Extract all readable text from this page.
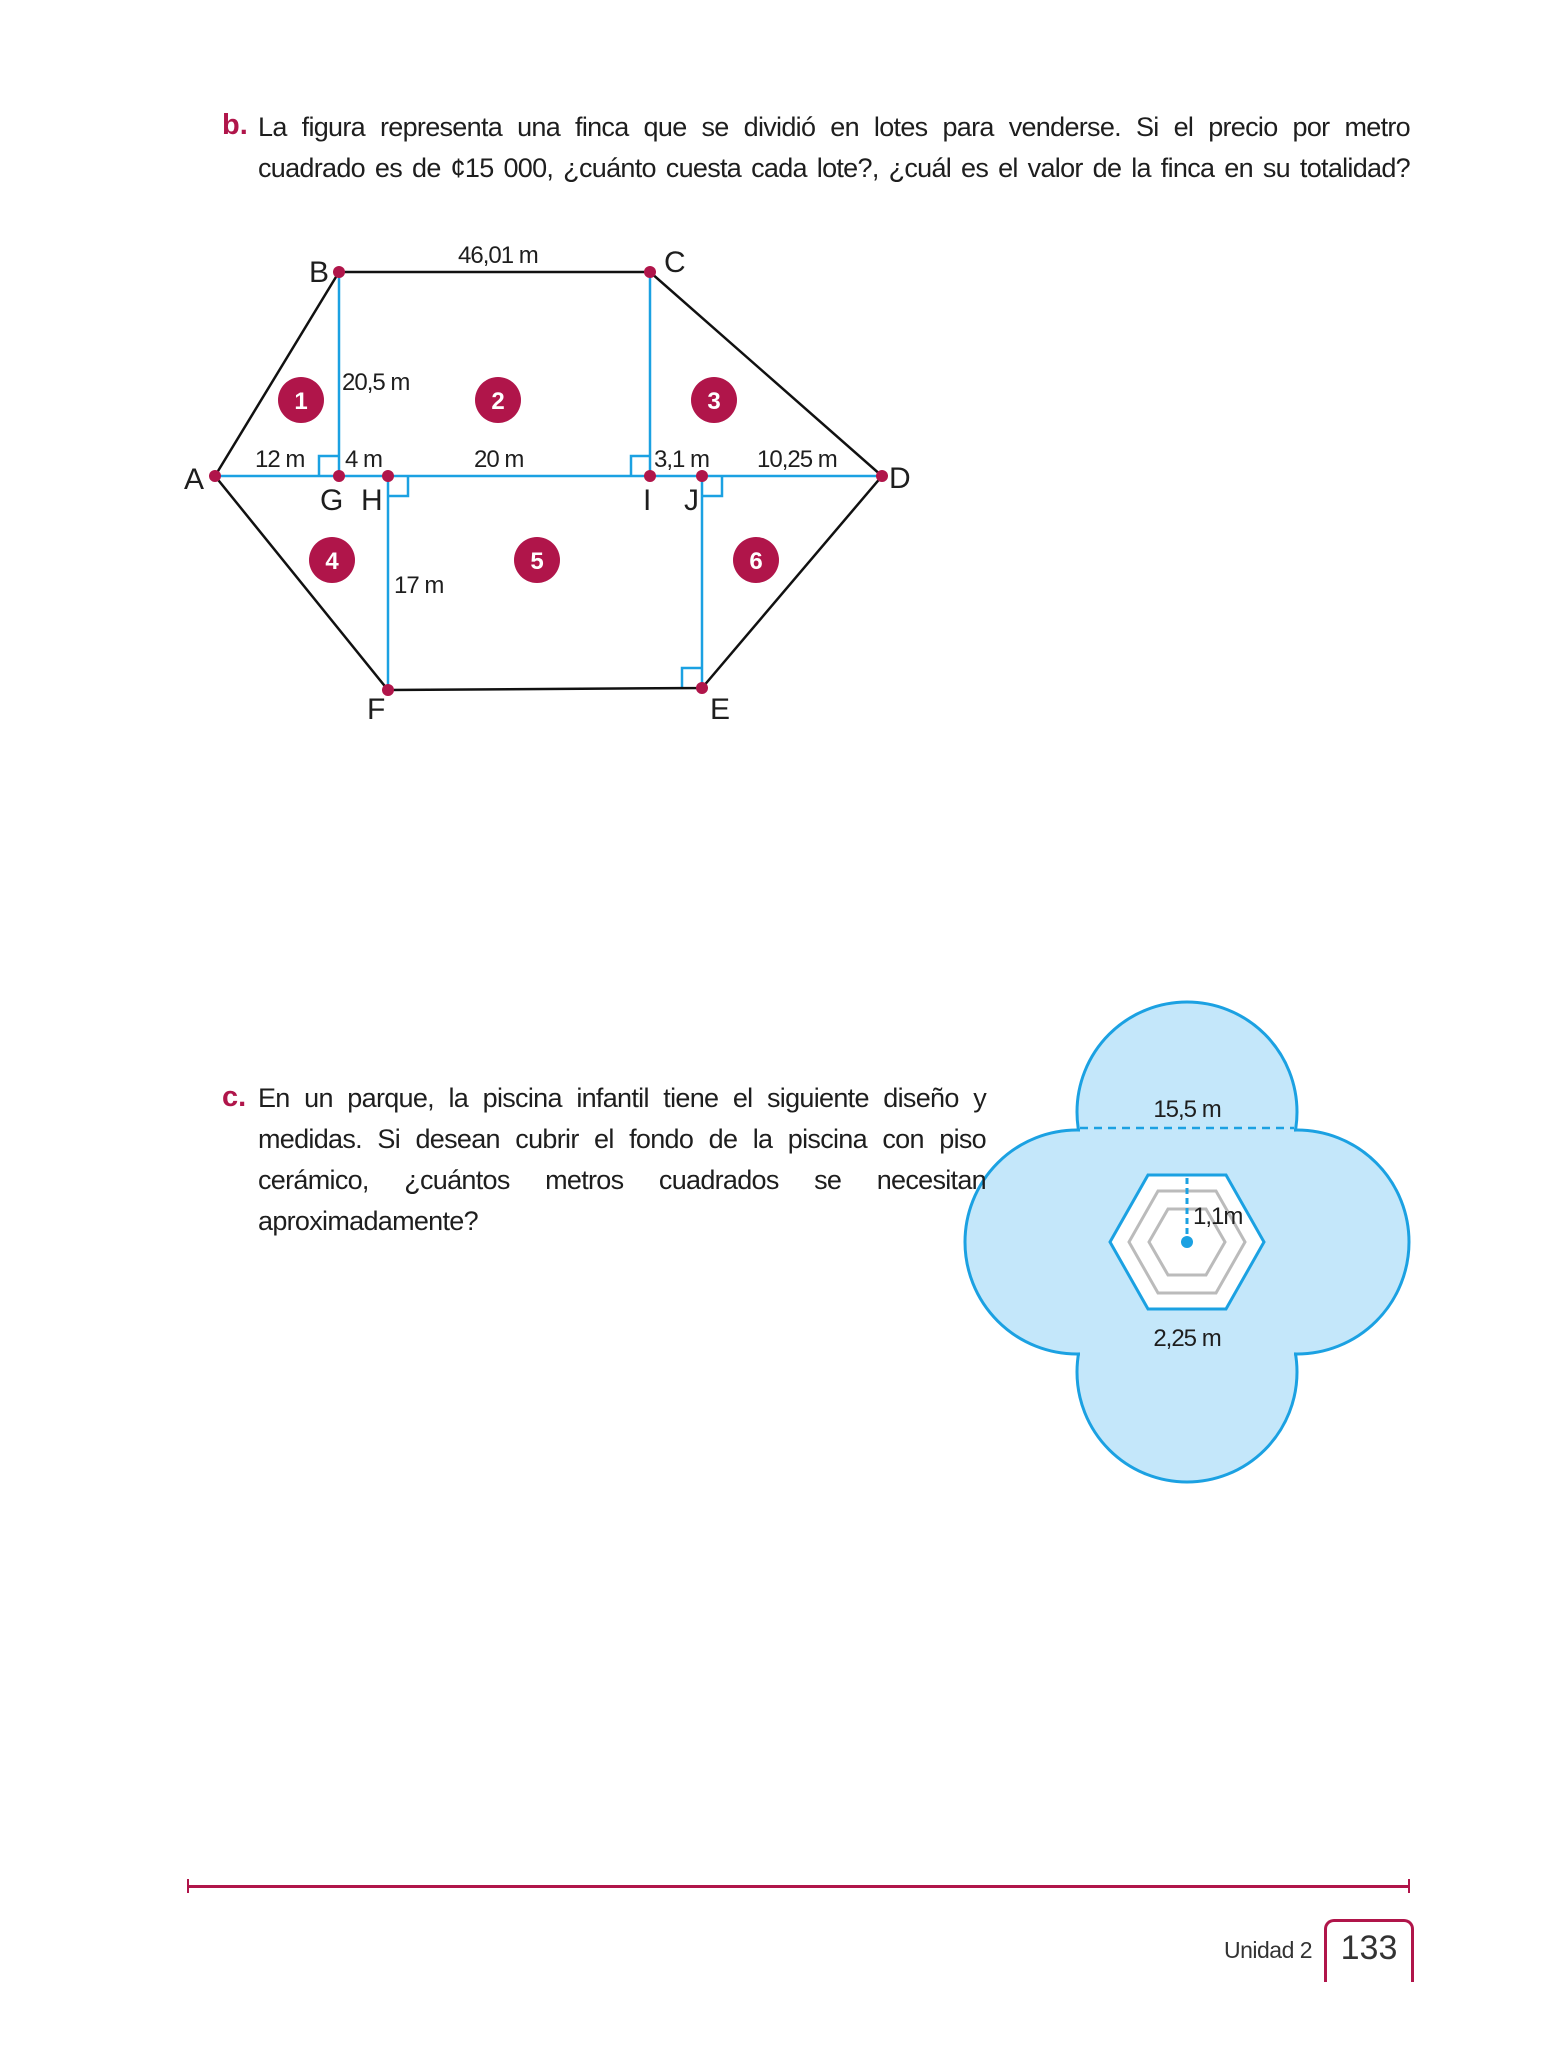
b. La figura representa una finca que se dividió en lotes para venderse. Si el precio por metro
cuadrado es de ¢15 000, ¿cuánto cuesta cada lote?, ¿cuál es el valor de la finca en su totalidad?
B	C
A	D
G H	I J
F	E
46,01 m
20,5 m
12 m 4 m	20 m	3,1 m 10,25 m
17 m
1	2	3
4	5	6
15,5 m
1,1m
2,25 m
c. En un parque, la piscina infantil tiene el siguiente diseño y
medidas. Si desean cubrir el fondo de la piscina con piso
cerámico, ¿cuántos metros cuadrados se necesitan
aproximadamente?
Unidad 2 133
